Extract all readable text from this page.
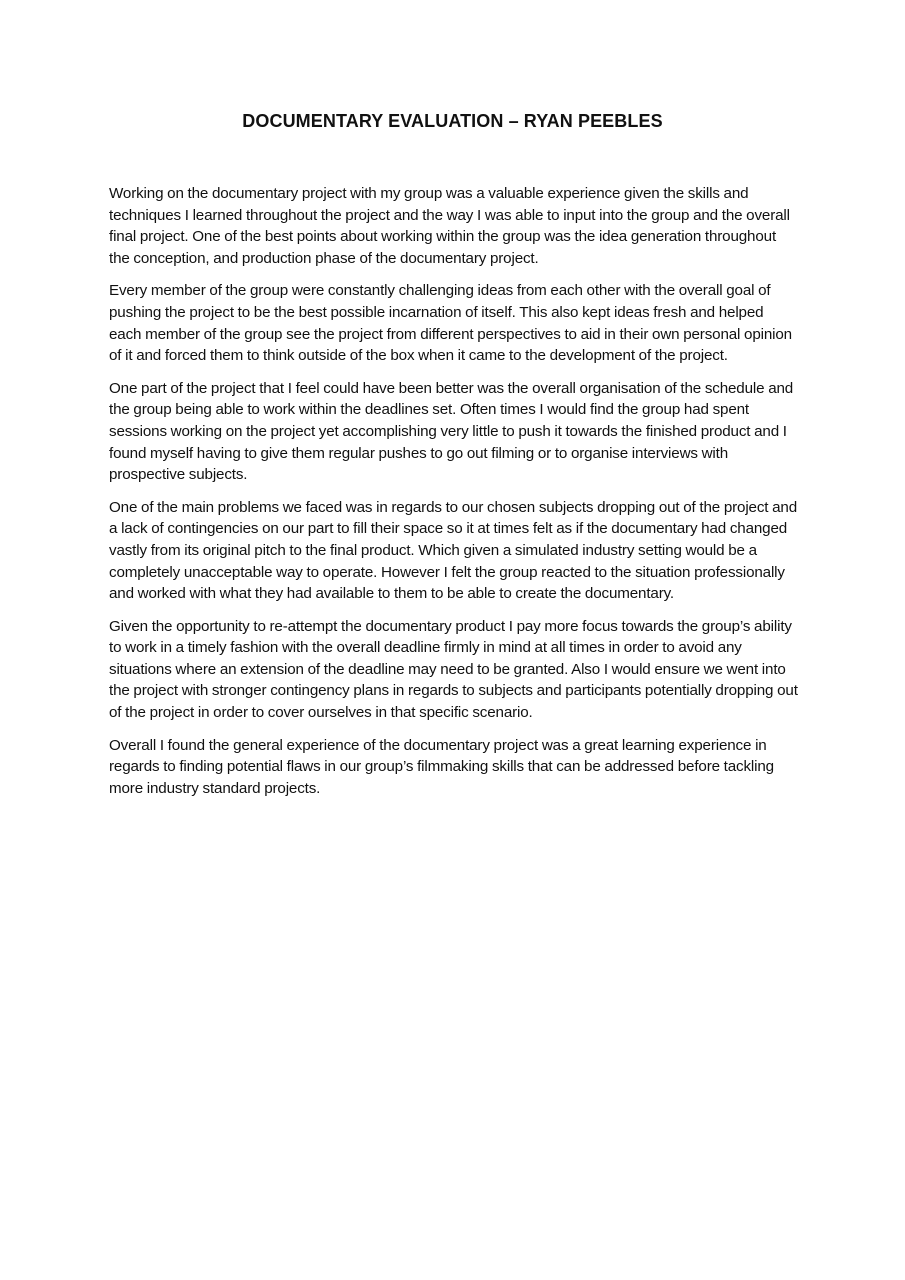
DOCUMENTARY EVALUATION – RYAN PEEBLES

Working on the documentary project with my group was a valuable experience given the skills and techniques I learned throughout the project and the way I was able to input into the group and the overall final project. One of the best points about working within the group was the idea generation throughout the conception, and production phase of the documentary project.

Every member of the group were constantly challenging ideas from each other with the overall goal of pushing the project to be the best possible incarnation of itself. This also kept ideas fresh and helped each member of the group see the project from different perspectives to aid in their own personal opinion of it and forced them to think outside of the box when it came to the development of the project.

One part of the project that I feel could have been better was the overall organisation of the schedule and the group being able to work within the deadlines set. Often times I would find the group had spent sessions working on the project yet accomplishing very little to push it towards the finished product and I found myself having to give them regular pushes to go out filming or to organise interviews with prospective subjects.

One of the main problems we faced was in regards to our chosen subjects dropping out of the project and a lack of contingencies on our part to fill their space so it at times felt as if the documentary had changed vastly from its original pitch to the final product. Which given a simulated industry setting would be a completely unacceptable way to operate. However I felt the group reacted to the situation professionally and worked with what they had available to them to be able to create the documentary.

Given the opportunity to re-attempt the documentary product I pay more focus towards the group’s ability to work in a timely fashion with the overall deadline firmly in mind at all times in order to avoid any situations where an extension of the deadline may need to be granted. Also I would ensure we went into the project with stronger contingency plans in regards to subjects and participants potentially dropping out of the project in order to cover ourselves in that specific scenario.

Overall I found the general experience of the documentary project was a great learning experience in regards to finding potential flaws in our group’s filmmaking skills that can be addressed before tackling more industry standard projects.
